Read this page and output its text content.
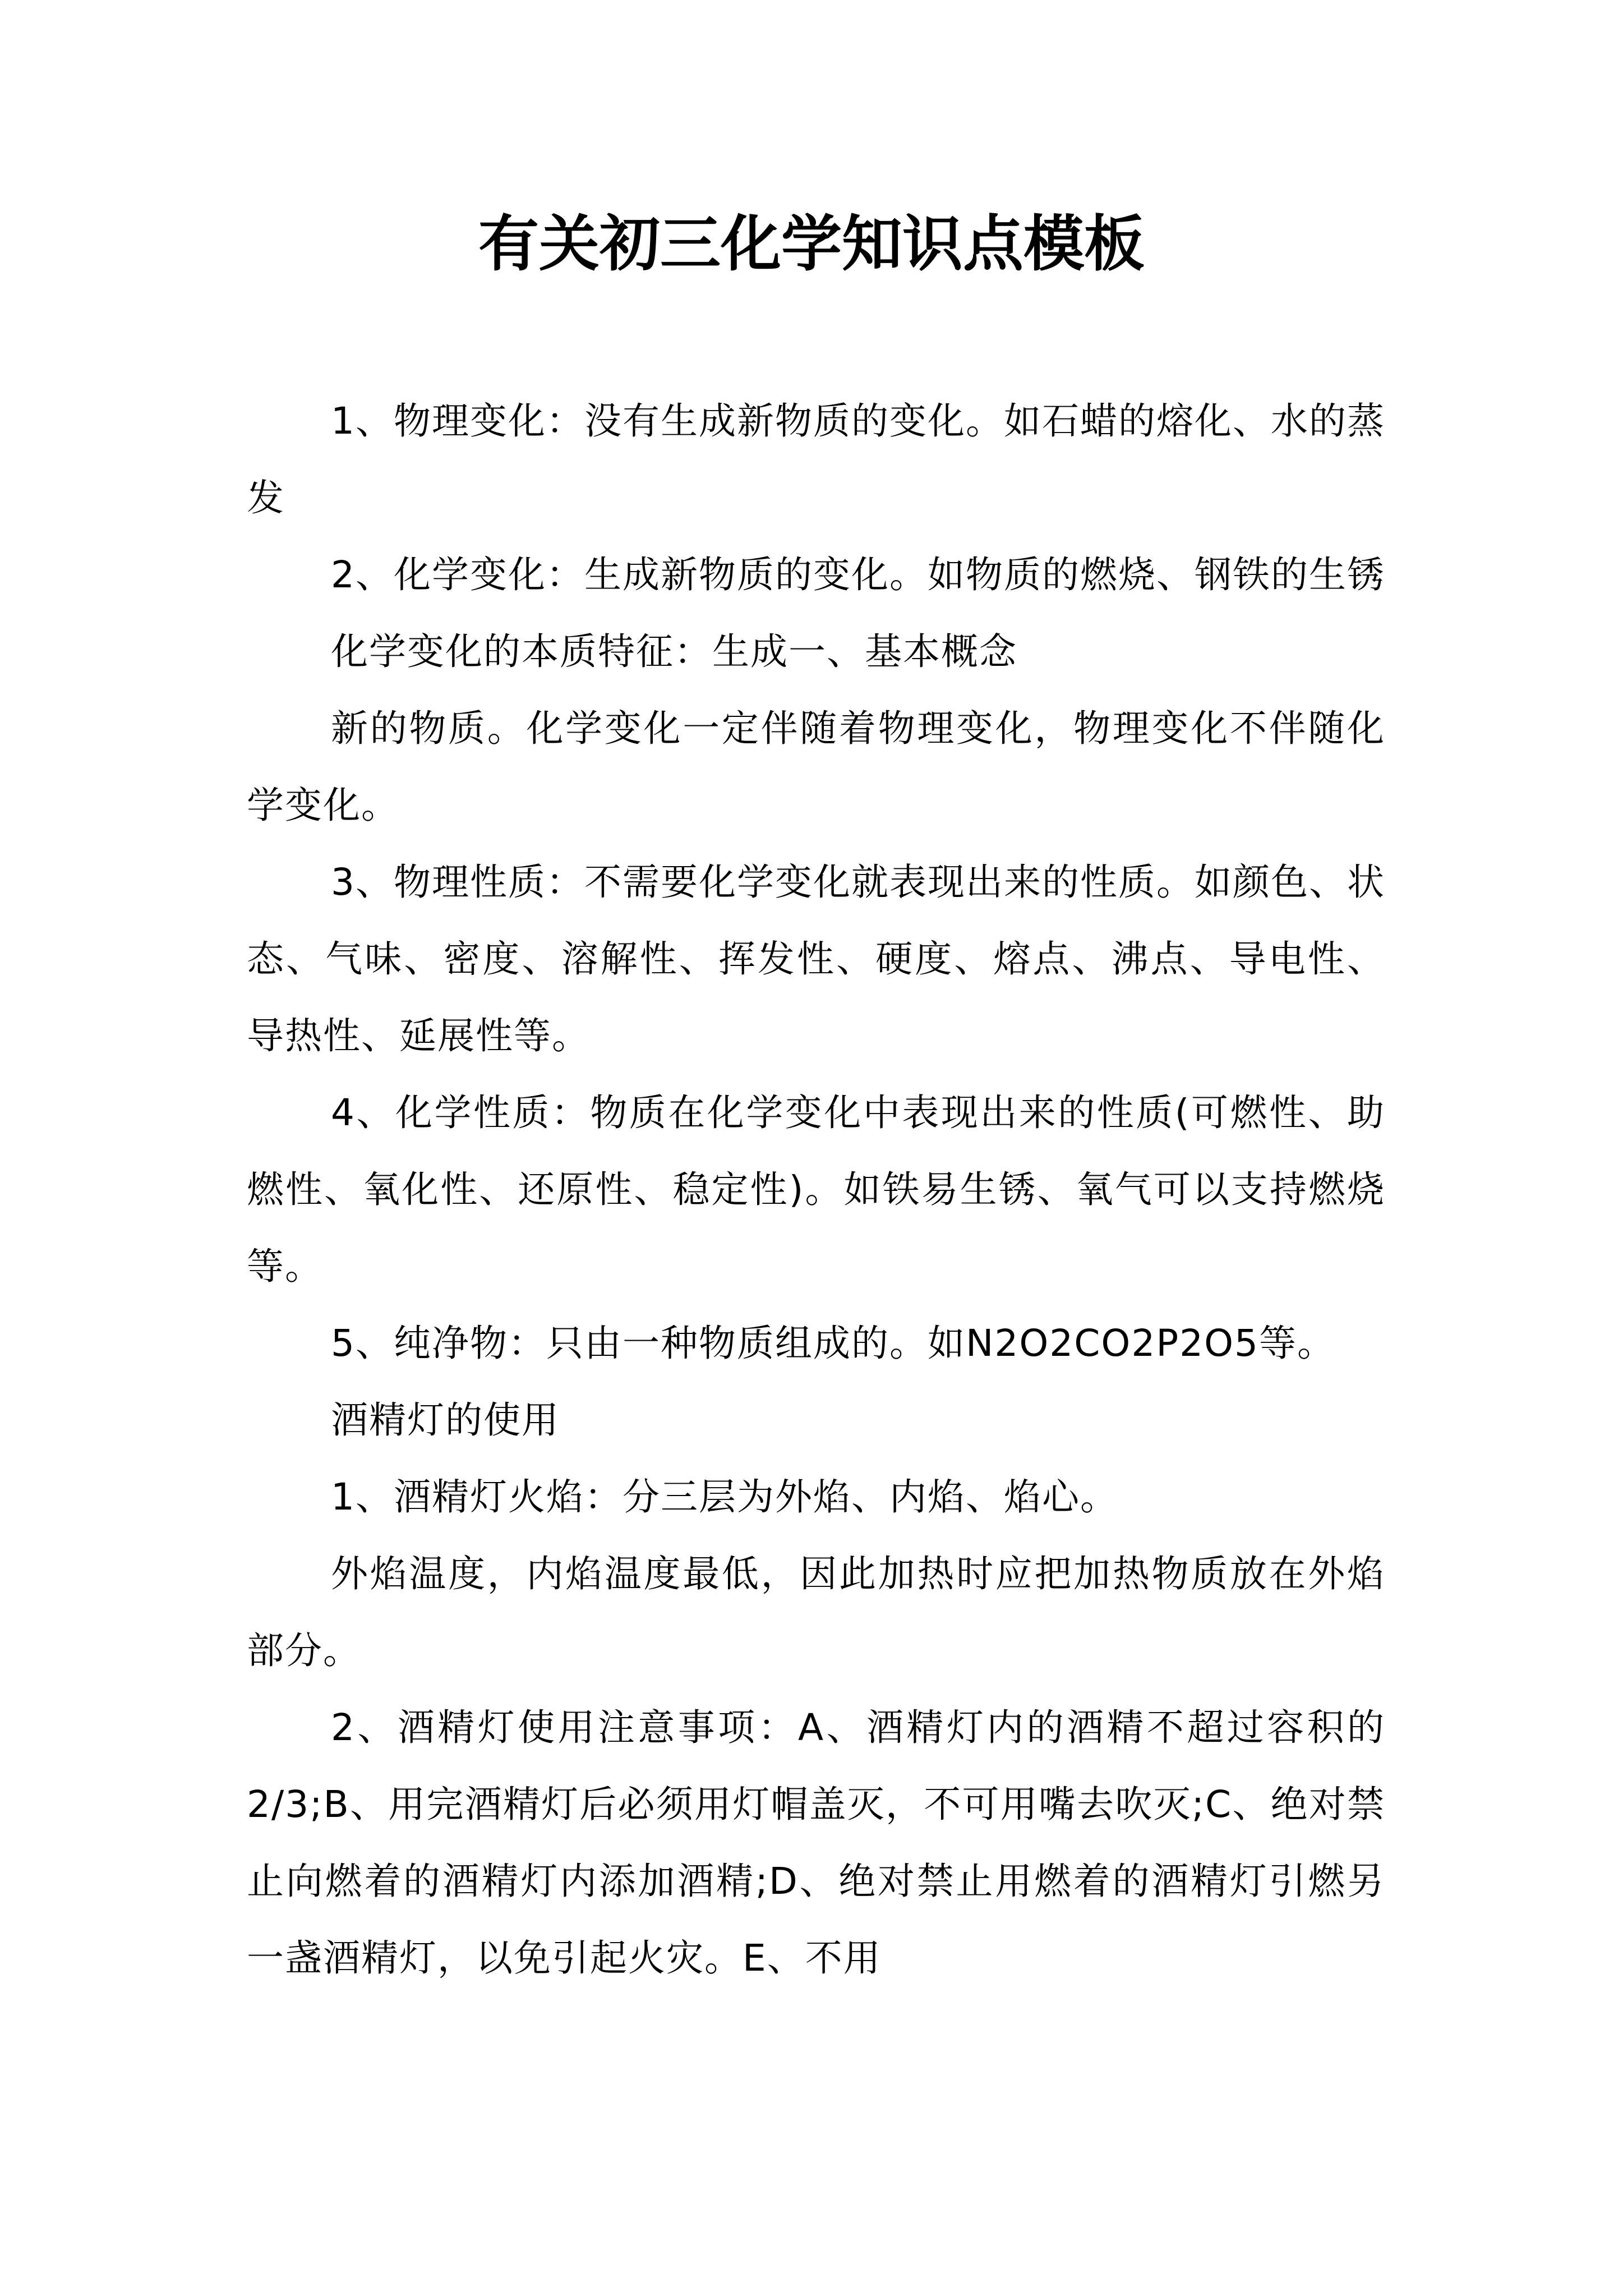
有关初三化学知识点模板

1、物理变化：没有生成新物质的变化。如石蜡的熔化、水的蒸发

2、化学变化：生成新物质的变化。如物质的燃烧、钢铁的生锈

化学变化的本质特征：生成一、基本概念

新的物质。化学变化一定伴随着物理变化，物理变化不伴随化学变化。

3、物理性质：不需要化学变化就表现出来的性质。如颜色、状态、气味、密度、溶解性、挥发性、硬度、熔点、沸点、导电性、导热性、延展性等。

4、化学性质：物质在化学变化中表现出来的性质(可燃性、助燃性、氧化性、还原性、稳定性)。如铁易生锈、氧气可以支持燃烧等。

5、纯净物：只由一种物质组成的。如N2O2CO2P2O5等。

酒精灯的使用

1、酒精灯火焰：分三层为外焰、内焰、焰心。

外焰温度，内焰温度最低，因此加热时应把加热物质放在外焰部分。

2、酒精灯使用注意事项：A、酒精灯内的酒精不超过容积的2/3;B、用完酒精灯后必须用灯帽盖灭，不可用嘴去吹灭;C、绝对禁止向燃着的酒精灯内添加酒精;D、绝对禁止用燃着的酒精灯引燃另一盏酒精灯，以免引起火灾。E、不用
